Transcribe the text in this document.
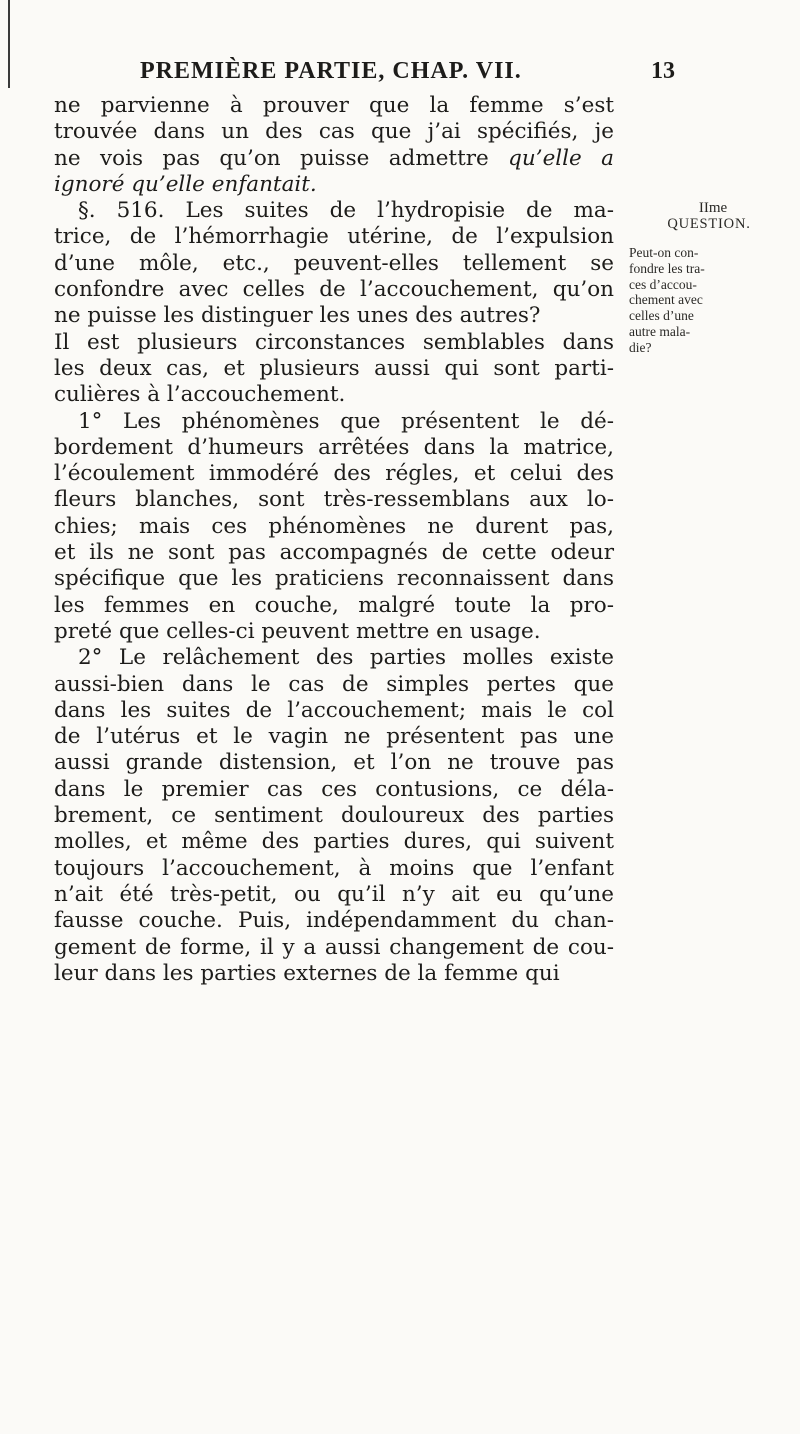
PREMIÈRE PARTIE, CHAP. VII.	13
ne parvienne à prouver que la femme s’est
trouvée dans un des cas que j’ai spécifiés, je
ne vois pas qu’on puisse admettre qu’elle a
ignoré qu’elle enfantait.
§. 516. Les suites de l’hydropisie de ma-
trice, de l’hémorrhagie utérine, de l’expulsion
d’une môle, etc., peuvent-elles tellement se
confondre avec celles de l’accouchement, qu’on
ne puisse les distinguer les unes des autres?
Il est plusieurs circonstances semblables dans
les deux cas, et plusieurs aussi qui sont parti-
culières à l’accouchement.
1° Les phénomènes que présentent le dé-
bordement d’humeurs arrêtées dans la matrice,
l’écoulement immodéré des régles, et celui des
fleurs blanches, sont très-ressemblans aux lo-
chies; mais ces phénomènes ne durent pas,
et ils ne sont pas accompagnés de cette odeur
spécifique que les praticiens reconnaissent dans
les femmes en couche, malgré toute la pro-
preté que celles-ci peuvent mettre en usage.
2° Le relâchement des parties molles existe
aussi-bien dans le cas de simples pertes que
dans les suites de l’accouchement; mais le col
de l’utérus et le vagin ne présentent pas une
aussi grande distension, et l’on ne trouve pas
dans le premier cas ces contusions, ce déla-
brement, ce sentiment douloureux des parties
molles, et même des parties dures, qui suivent
toujours l’accouchement, à moins que l’enfant
n’ait été très-petit, ou qu’il n’y ait eu qu’une
fausse couche. Puis, indépendamment du chan-
gement de forme, il y a aussi changement de cou-
leur dans les parties externes de la femme qui
IIme
QUESTION.
Peut-on con-
fondre les tra-
ces d’accou-
chement avec
celles d’une
autre mala-
die?
